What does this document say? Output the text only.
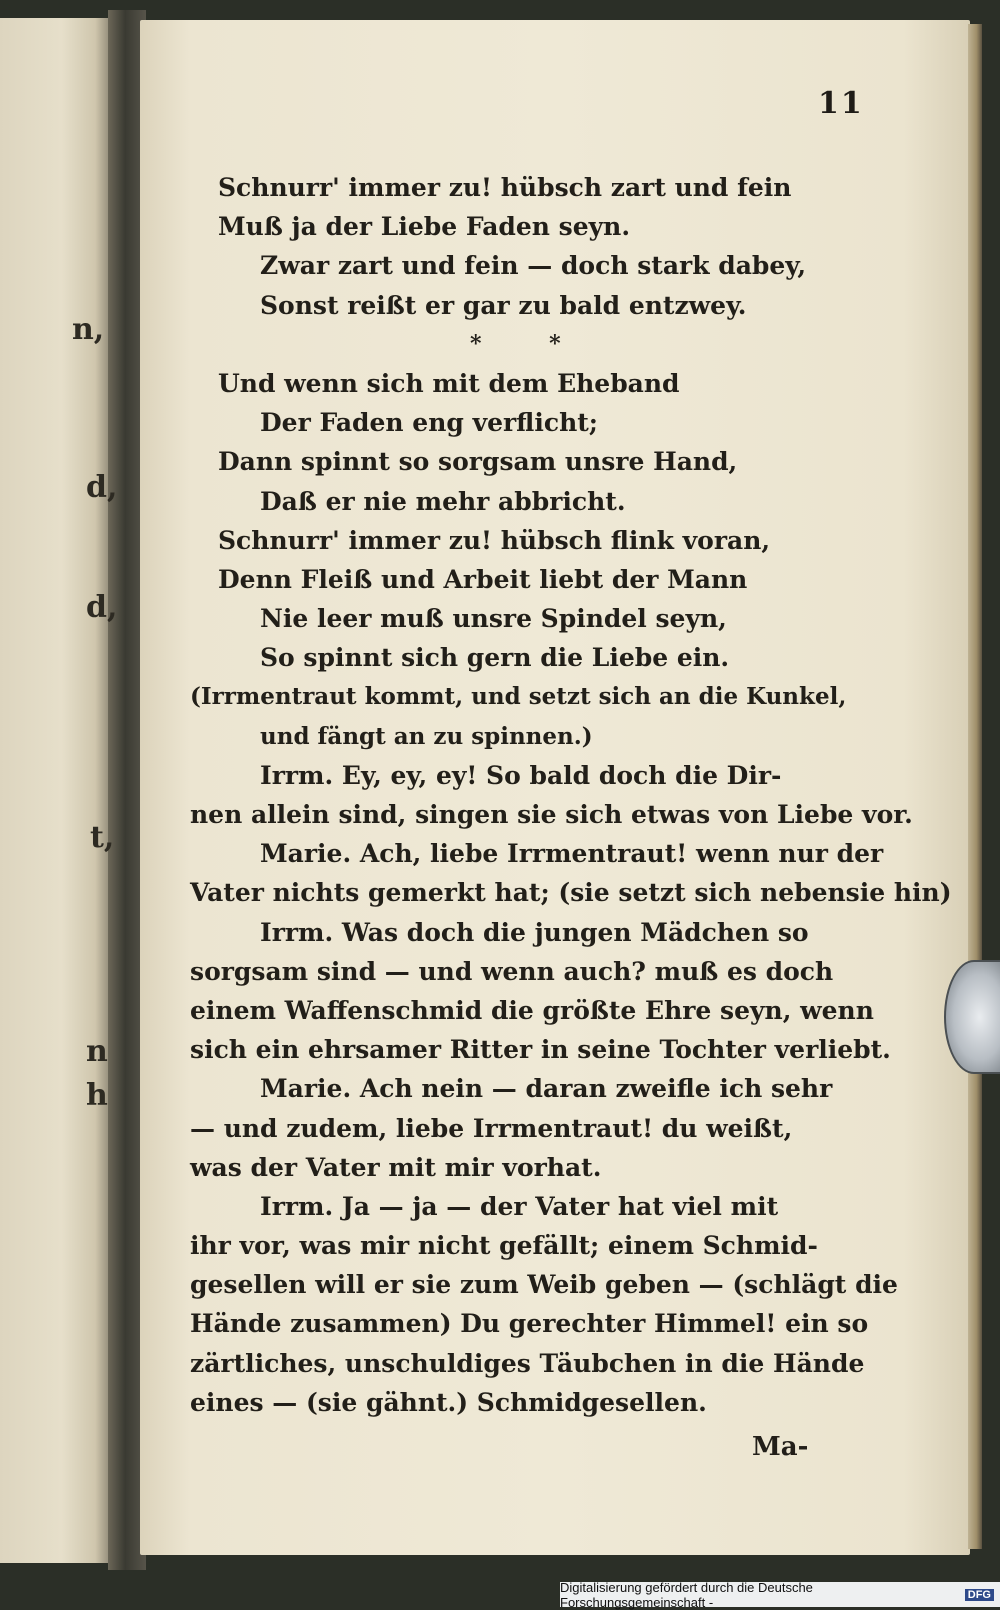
n,
d,
d,
t,
n
h
11
Schnurr' immer zu! hübsch zart und fein
Muß ja der Liebe Faden seyn.
Zwar zart und fein — doch stark dabey,
Sonst reißt er gar zu bald entzwey.
* *
Und wenn sich mit dem Eheband
Der Faden eng verflicht;
Dann spinnt so sorgsam unsre Hand,
Daß er nie mehr abbricht.
Schnurr' immer zu! hübsch flink voran,
Denn Fleiß und Arbeit liebt der Mann
Nie leer muß unsre Spindel seyn,
So spinnt sich gern die Liebe ein.
(Irrmentraut kommt, und setzt sich an die Kunkel,
und fängt an zu spinnen.)
Irrm. Ey, ey, ey! So bald doch die Dir-
nen allein sind, singen sie sich etwas von Liebe vor.
Marie. Ach, liebe Irrmentraut! wenn nur der
Vater nichts gemerkt hat; (sie setzt sich nebensie hin)
Irrm. Was doch die jungen Mädchen so
sorgsam sind — und wenn auch? muß es doch
einem Waffenschmid die größte Ehre seyn, wenn
sich ein ehrsamer Ritter in seine Tochter verliebt.
Marie. Ach nein — daran zweifle ich sehr
— und zudem, liebe Irrmentraut! du weißt,
was der Vater mit mir vorhat.
Irrm. Ja — ja — der Vater hat viel mit
ihr vor, was mir nicht gefällt; einem Schmid-
gesellen will er sie zum Weib geben — (schlägt die
Hände zusammen) Du gerechter Himmel! ein so
zärtliches, unschuldiges Täubchen in die Hände
eines — (sie gähnt.) Schmidgesellen.
Ma-
Digitalisierung gefördert durch die Deutsche Forschungsgemeinschaft -	DFG
